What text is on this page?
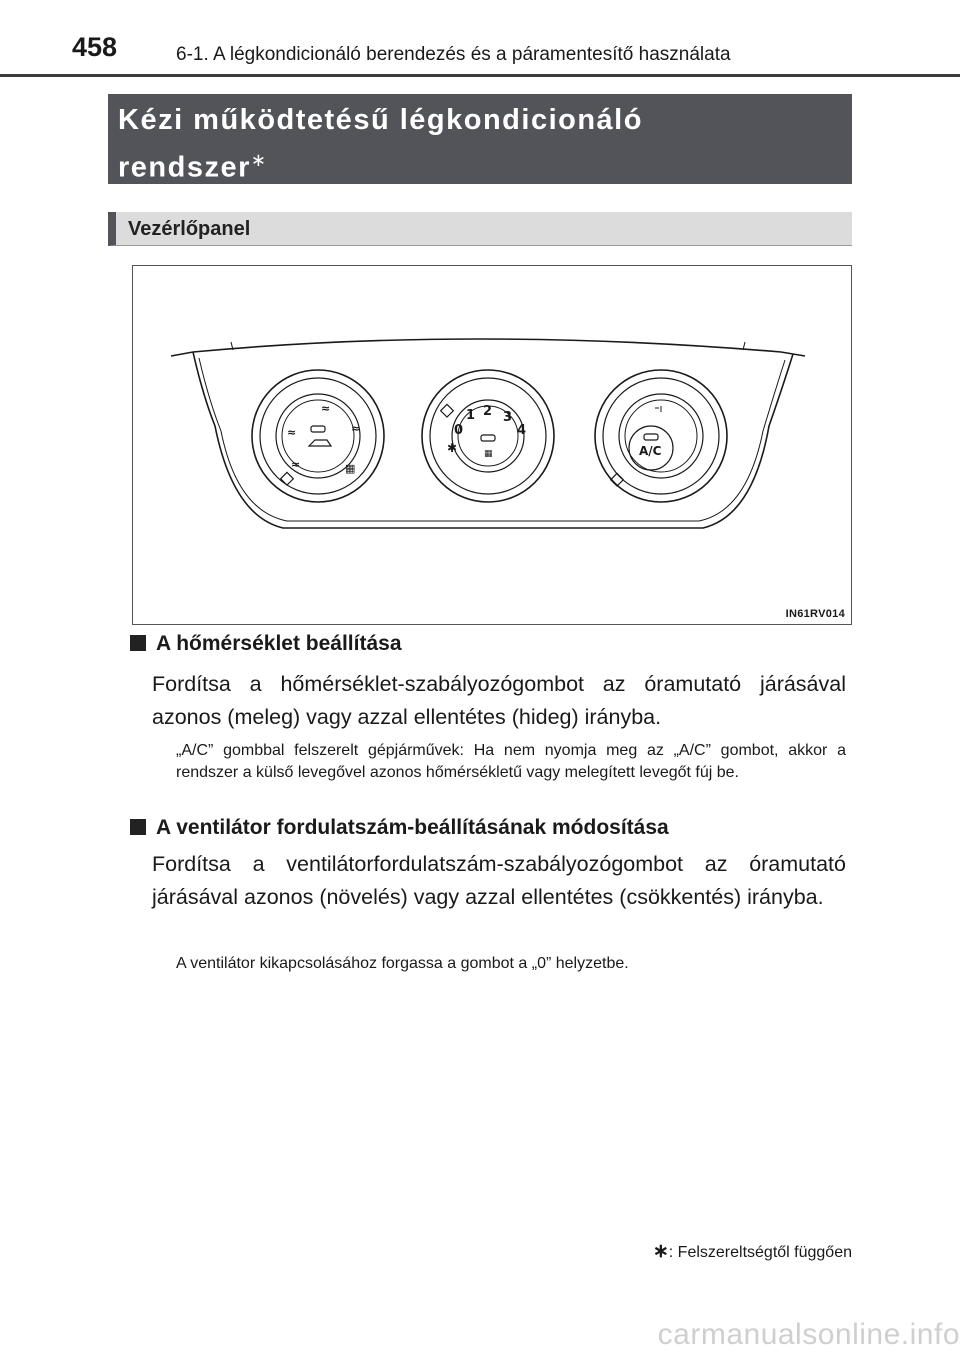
458	6-1. A légkondicionáló berendezés és a páramentesítő használata
Kézi működtetésű légkondicionáló
rendszer∗
Vezérlőpanel
≈
≈
≈
≈	▦
0
1 2 3
4
✱	▦	A/C
IN61RV014
A hőmérséklet beállítása
Fordítsa a hőmérséklet-szabályozógombot az óramutató járásával azonos (meleg) vagy azzal ellentétes (hideg) irányba.
„A/C” gombbal felszerelt gépjárművek: Ha nem nyomja meg az „A/C” gombot, akkor a rendszer a külső levegővel azonos hőmérsékletű vagy melegített levegőt fúj be.
A ventilátor fordulatszám-beállításának módosítása
Fordítsa a ventilátorfordulatszám-szabályozógombot az óramutató járásával azonos (növelés) vagy azzal ellentétes (csökkentés) irányba.
A ventilátor kikapcsolásához forgassa a gombot a „0” helyzetbe.
∗: Felszereltségtől függően
carmanualsonline.info
